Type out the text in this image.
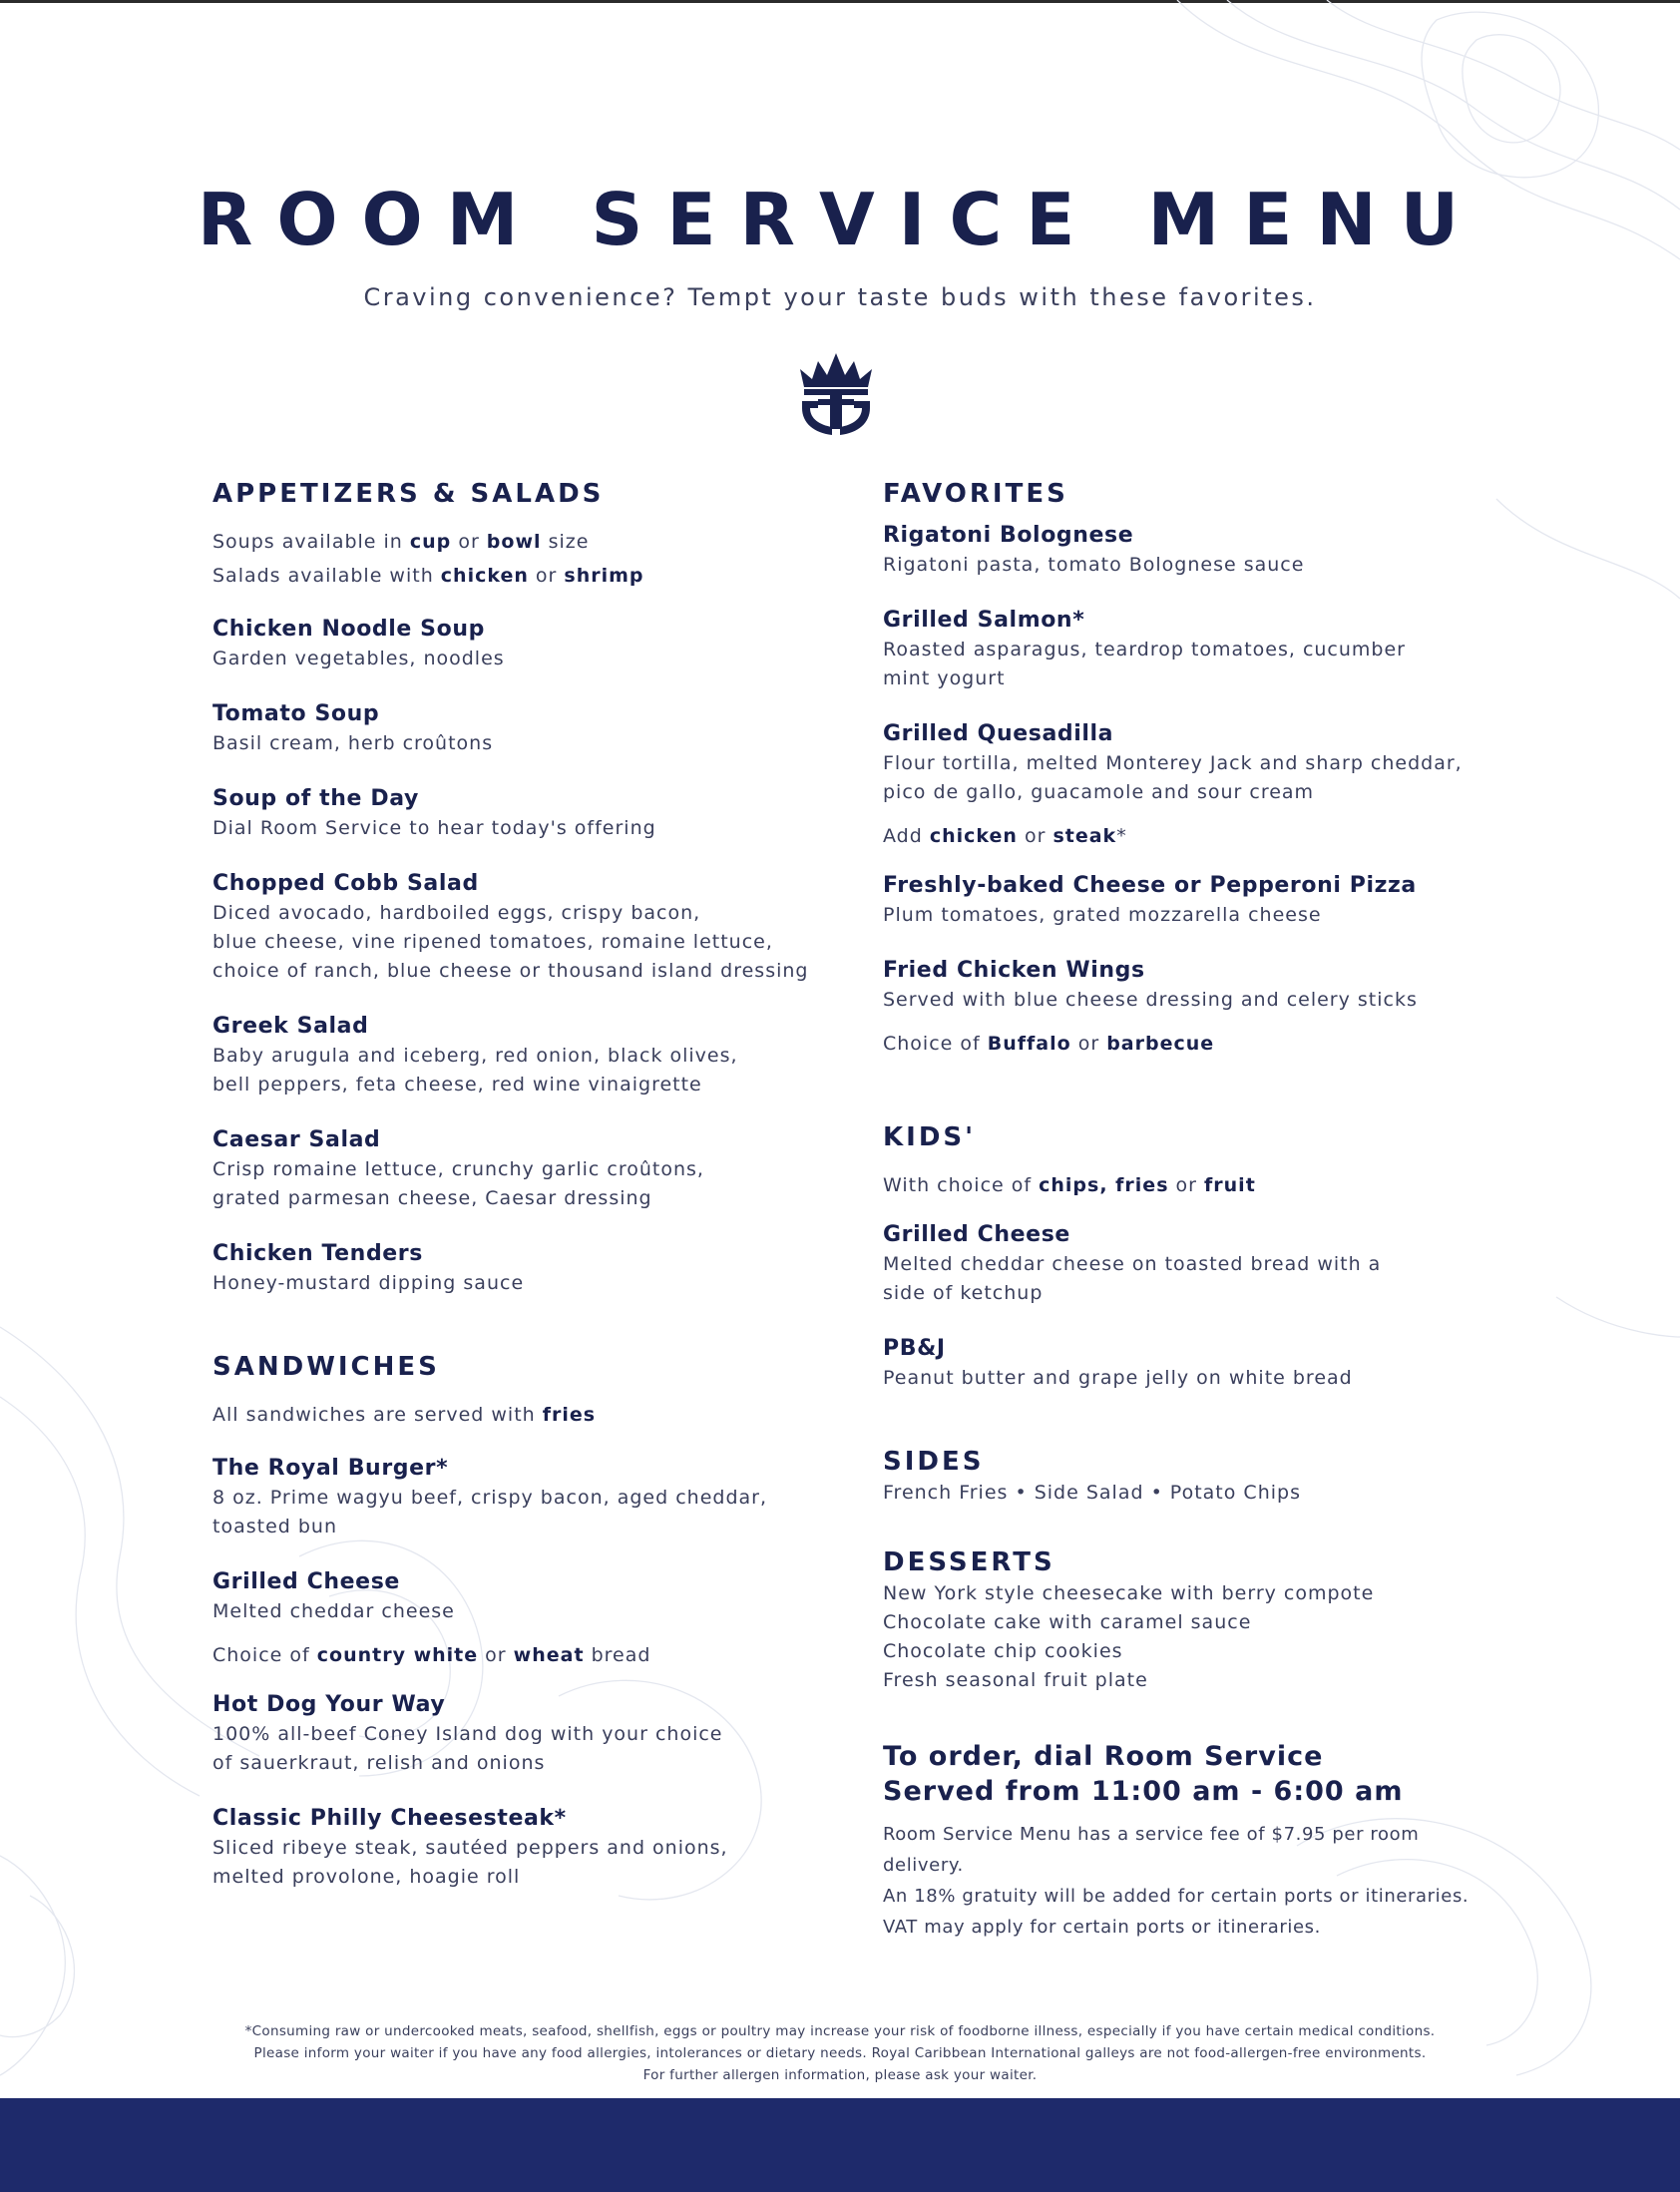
ROOM SERVICE MENU
Craving convenience? Tempt your taste buds with these favorites.
APPETIZERS & SALADS
Soups available in cup or bowl size
Salads available with chicken or shrimp
Chicken Noodle Soup
Garden vegetables, noodles
Tomato Soup
Basil cream, herb croûtons
Soup of the Day
Dial Room Service to hear today's offering
Chopped Cobb Salad
Diced avocado, hardboiled eggs, crispy bacon,
blue cheese, vine ripened tomatoes, romaine lettuce,
choice of ranch, blue cheese or thousand island dressing
Greek Salad
Baby arugula and iceberg, red onion, black olives,
bell peppers, feta cheese, red wine vinaigrette
Caesar Salad
Crisp romaine lettuce, crunchy garlic croûtons,
grated parmesan cheese, Caesar dressing
Chicken Tenders
Honey-mustard dipping sauce
SANDWICHES
All sandwiches are served with fries
The Royal Burger*
8 oz. Prime wagyu beef, crispy bacon, aged cheddar,
toasted bun
Grilled Cheese
Melted cheddar cheese
Choice of country white or wheat bread
Hot Dog Your Way
100% all-beef Coney Island dog with your choice
of sauerkraut, relish and onions
Classic Philly Cheesesteak*
Sliced ribeye steak, sautéed peppers and onions,
melted provolone, hoagie roll
FAVORITES
Rigatoni Bolognese
Rigatoni pasta, tomato Bolognese sauce
Grilled Salmon*
Roasted asparagus, teardrop tomatoes, cucumber
mint yogurt
Grilled Quesadilla
Flour tortilla, melted Monterey Jack and sharp cheddar,
pico de gallo, guacamole and sour cream
Add chicken or steak*
Freshly-baked Cheese or Pepperoni Pizza
Plum tomatoes, grated mozzarella cheese
Fried Chicken Wings
Served with blue cheese dressing and celery sticks
Choice of Buffalo or barbecue
KIDS'
With choice of chips, fries or fruit
Grilled Cheese
Melted cheddar cheese on toasted bread with a
side of ketchup
PB&J
Peanut butter and grape jelly on white bread
SIDES
French Fries • Side Salad • Potato Chips
DESSERTS
New York style cheesecake with berry compote
Chocolate cake with caramel sauce
Chocolate chip cookies
Fresh seasonal fruit plate
To order, dial Room Service
Served from 11:00 am - 6:00 am
Room Service Menu has a service fee of $7.95 per room delivery.
An 18% gratuity will be added for certain ports or itineraries.
VAT may apply for certain ports or itineraries.
*Consuming raw or undercooked meats, seafood, shellfish, eggs or poultry may increase your risk of foodborne illness, especially if you have certain medical conditions.
Please inform your waiter if you have any food allergies, intolerances or dietary needs. Royal Caribbean International galleys are not food-allergen-free environments.
For further allergen information, please ask your waiter.
